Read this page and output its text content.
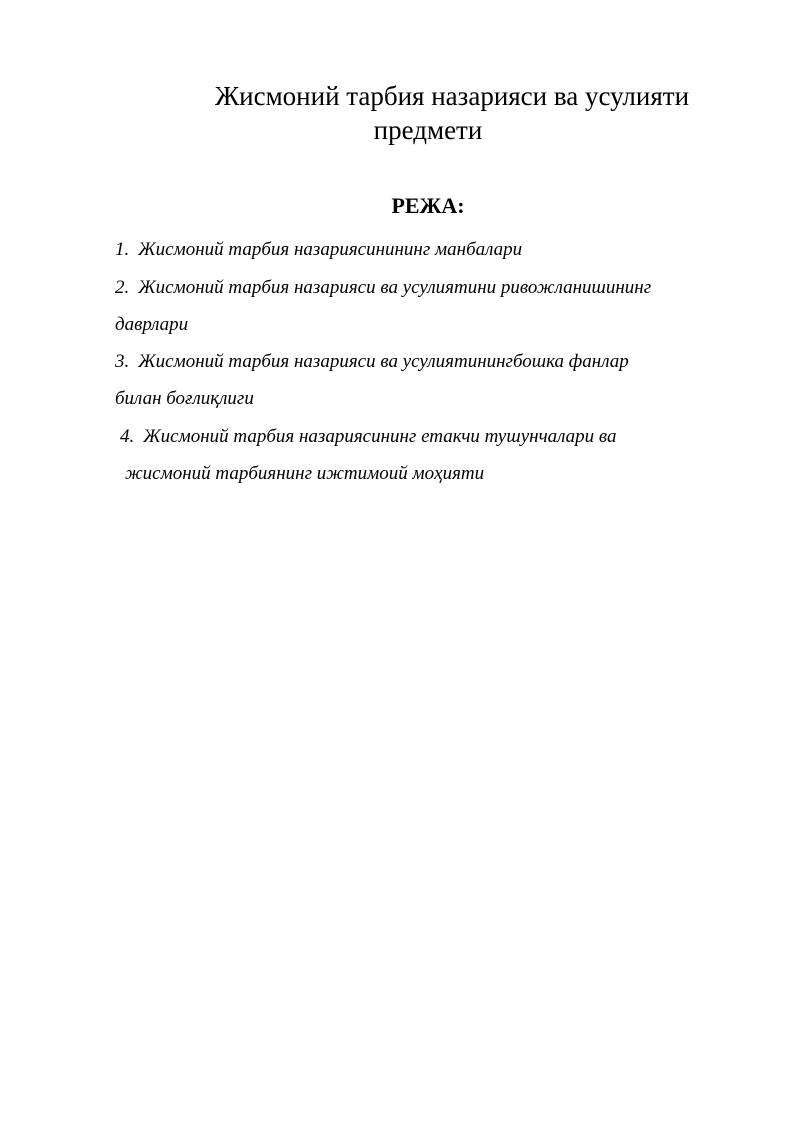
Жисмоний тарбия назарияси ва усулияти
предмети
РЕЖА:

1. Жисмоний тарбия назариясинининг манбалари

2. Жисмоний тарбия назарияси ва усулиятини ривожланишининг

даврлари

3. Жисмоний тарбия назарияси ва усулиятинингбошка фанлар

билан боғлиқлиги

4. Жисмоний тарбия назариясининг етакчи тушунчалари ва

жисмоний тарбиянинг ижтимоий моҳияти
